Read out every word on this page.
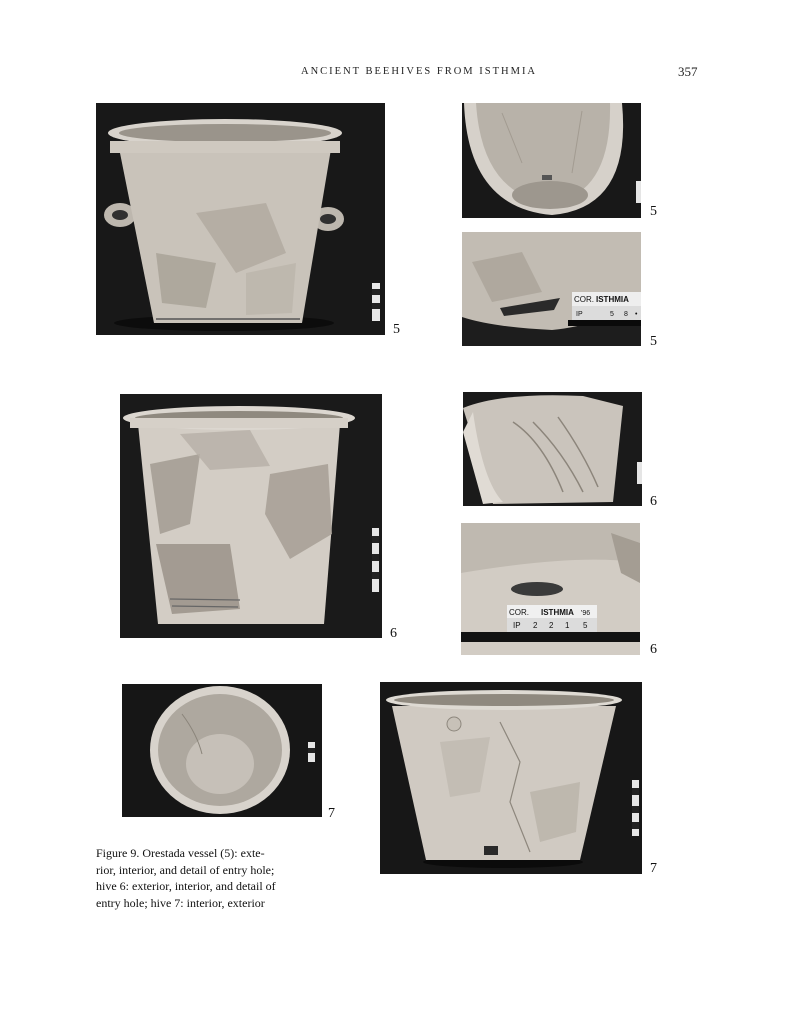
ANCIENT BEEHIVES FROM ISTHMIA	357
5
5
COR. ISTHMIA
IP	5 8 •
5
6
6
COR. ISTHMIA '96
IP 2 2 1 5
6
7
7
Figure 9. Orestada vessel (5): exte-
rior, interior, and detail of entry hole;
hive 6: exterior, interior, and detail of
entry hole; hive 7: interior, exterior
